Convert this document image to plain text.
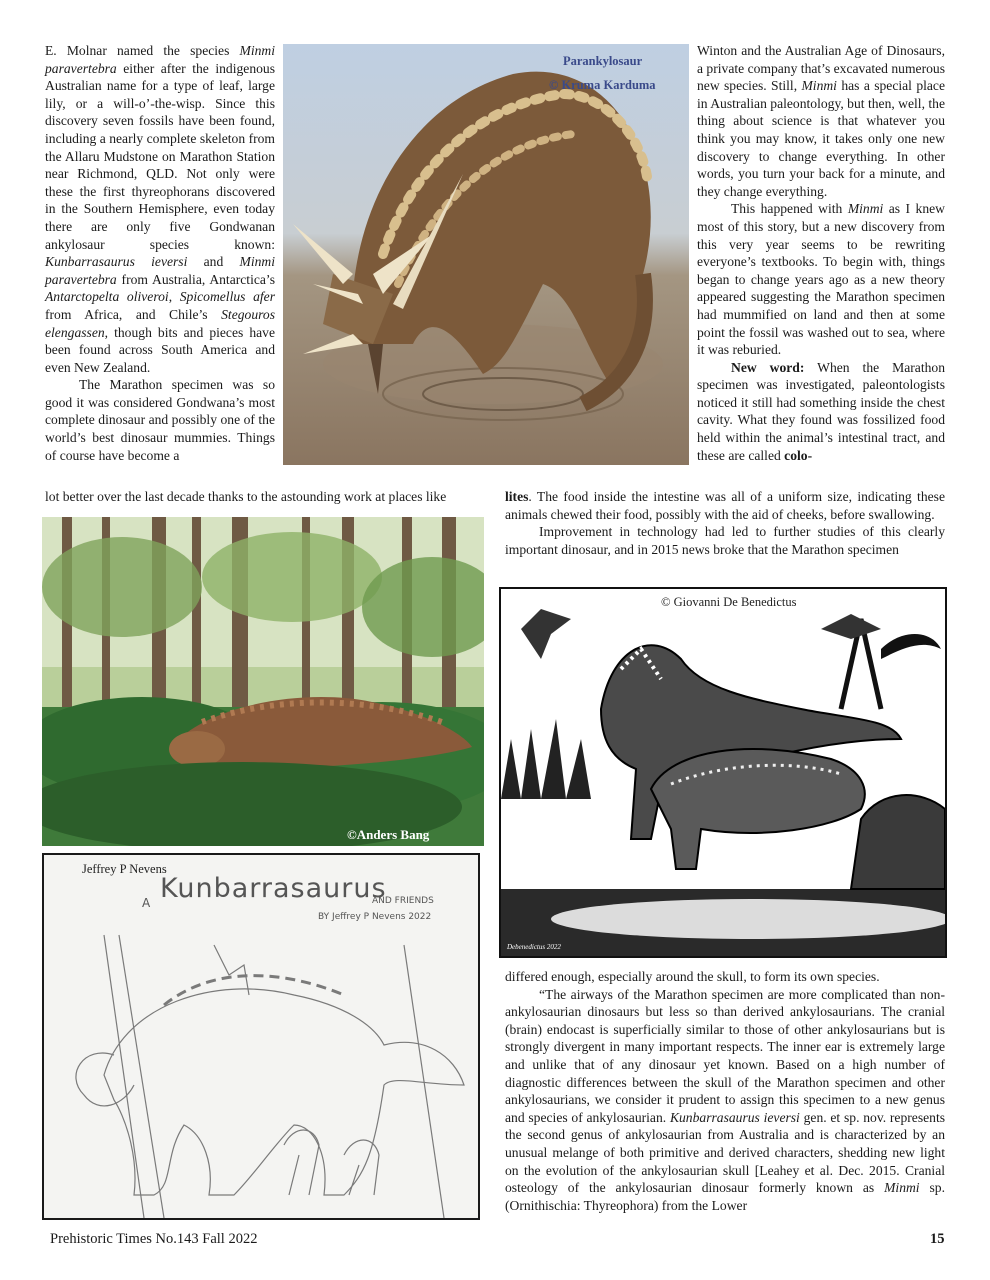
E. Molnar named the species Minmi paravertebra either after the indigenous Australian name for a type of leaf, large lily, or a will-o’-the-wisp. Since this discovery seven fossils have been found, including a nearly complete skeleton from the Allaru Mudstone on Marathon Station near Richmond, QLD. Not only were these the first thyreophorans discovered in the Southern Hemisphere, even today there are only five Gondwanan ankylosaur species known: Kunbarrasaurus ieversi and Minmi paravertebra from Australia, Antarctica’s Antarctopelta oliveroi, Spicomellus afer from Africa, and Chile’s Stegouros elengassen, though bits and pieces have been found across South America and even New Zealand.

The Marathon specimen was so good it was considered Gondwana’s most complete dinosaur and possibly one of the world’s best dinosaur mummies. Things of course have become a

lot better over the last decade thanks to the astounding work at places like

Winton and the Australian Age of Dinosaurs, a private company that’s excavated numerous new species. Still, Minmi has a special place in Australian paleontology, but then, well, the thing about science is that whatever you think you may know, it takes only one new discovery to change everything. In other words, you turn your back for a minute, and they change everything.

This happened with Minmi as I knew most of this story, but a new discovery from this very year seems to be rewriting everyone’s textbooks. To begin with, things began to change years ago as a new theory appeared suggesting the Marathon specimen had mummified on land and then at some point the fossil was washed out to sea, where it was reburied.

New word: When the Marathon specimen was investigated, paleontologists noticed it still had something inside the chest cavity. What they found was fossilized food held within the animal’s intestinal tract, and these are called colo-

lites. The food inside the intestine was all of a uniform size, indicating these animals chewed their food, possibly with the aid of cheeks, before swallowing.

Improvement in technology had led to further studies of this clearly important dinosaur, and in 2015 news broke that the Marathon specimen

Parankylosaur
© Kruma Karduma
©Anders Bang
Jeffrey P Nevens
A Kunbarrasaurus
AND FRIENDS
BY Jeffrey P Nevens 2022
© Giovanni De Benedictus
Debenedictus 2022

differed enough, especially around the skull, to form its own species.

“The airways of the Marathon specimen are more complicated than non-ankylosaurian dinosaurs but less so than derived ankylosaurians. The cranial (brain) endocast is superficially similar to those of other ankylosaurians but is strongly divergent in many important respects. The inner ear is extremely large and unlike that of any dinosaur yet known. Based on a high number of diagnostic differences between the skull of the Marathon specimen and other ankylosaurians, we consider it prudent to assign this specimen to a new genus and species of ankylosaurian. Kunbarrasaurus ieversi gen. et sp. nov. represents the second genus of ankylosaurian from Australia and is characterized by an unusual melange of both primitive and derived characters, shedding new light on the evolution of the ankylosaurian skull [Leahey et al. Dec. 2015. Cranial osteology of the ankylosaurian dinosaur formerly known as Minmi sp. (Ornithischia: Thyreophora) from the Lower

Prehistoric Times No.143 Fall 2022	15
